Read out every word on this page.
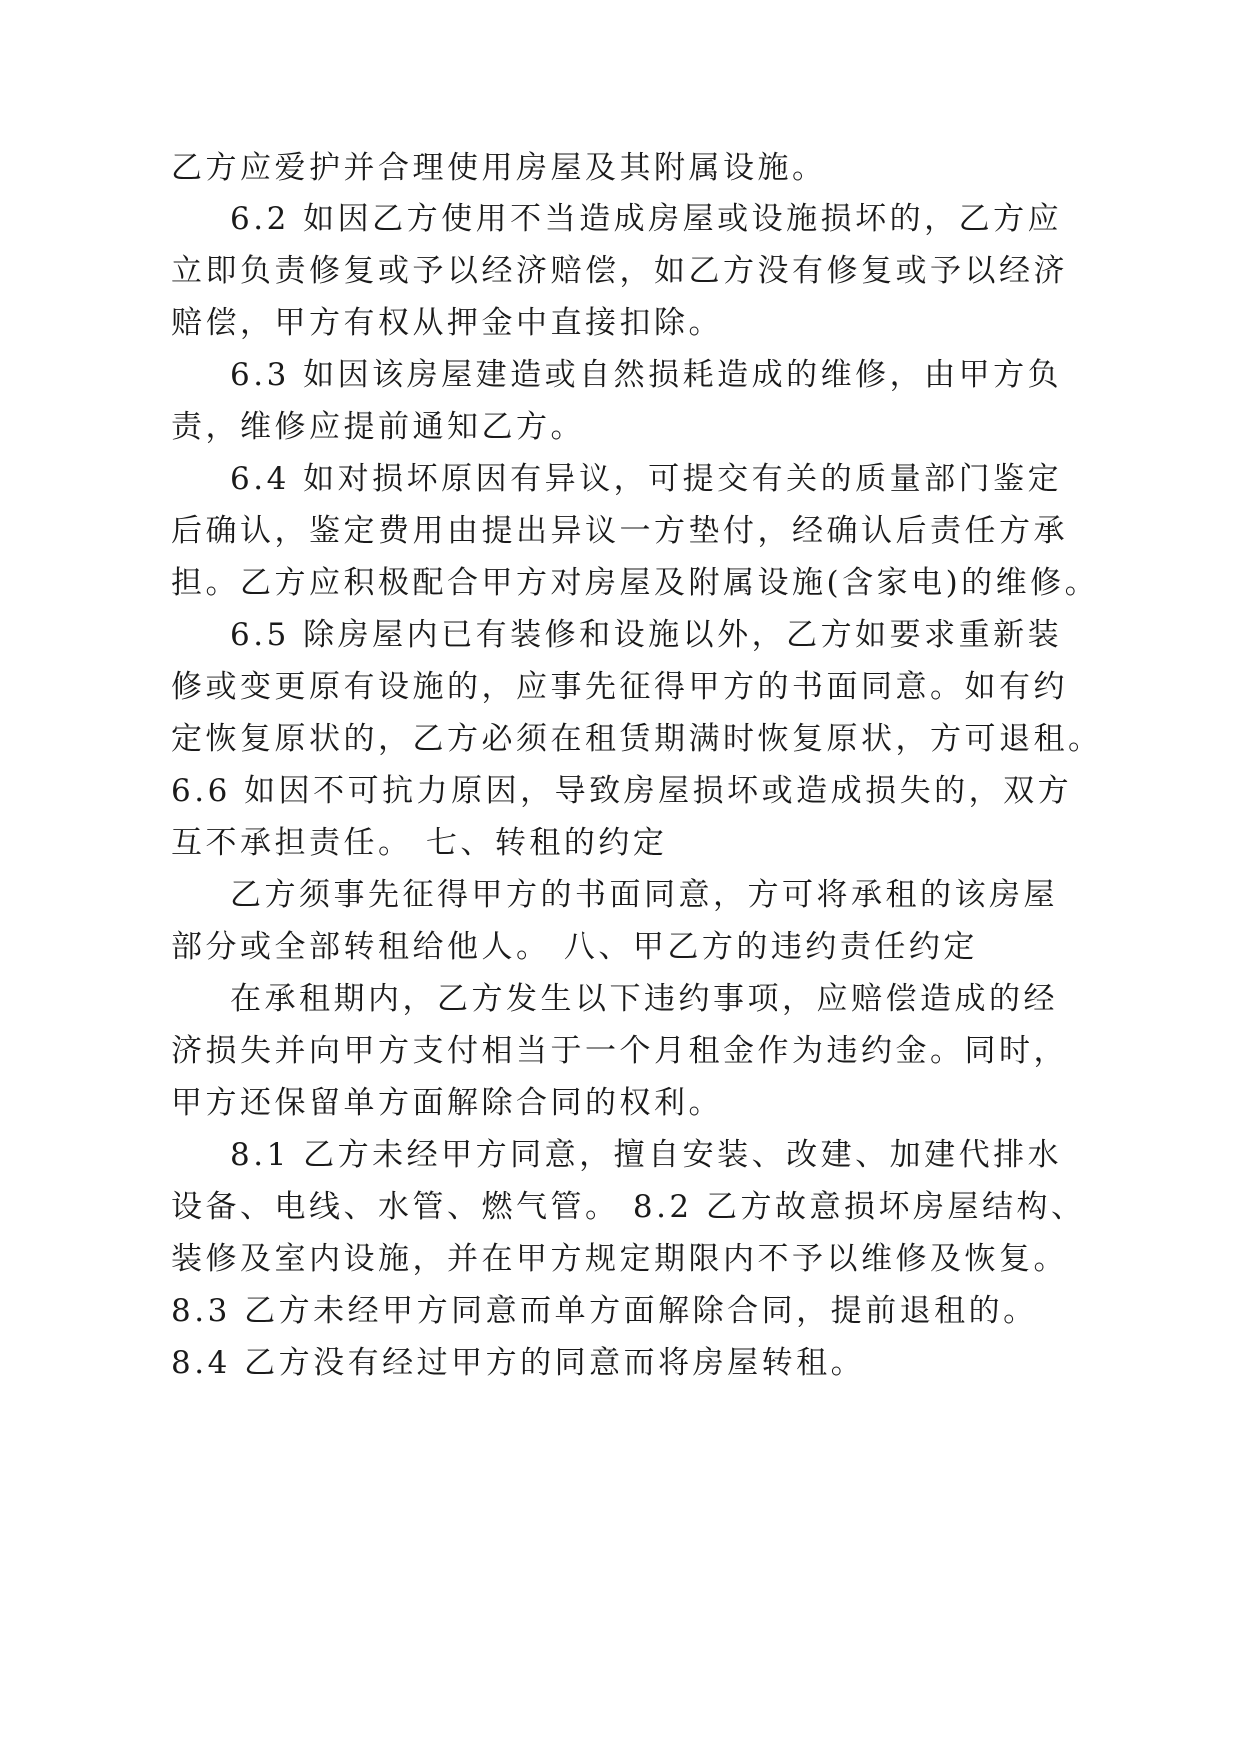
乙方应爱护并合理使用房屋及其附属设施。
6.2 如因乙方使用不当造成房屋或设施损坏的，乙方应
立即负责修复或予以经济赔偿，如乙方没有修复或予以经济
赔偿，甲方有权从押金中直接扣除。
6.3 如因该房屋建造或自然损耗造成的维修，由甲方负
责，维修应提前通知乙方。
6.4 如对损坏原因有异议，可提交有关的质量部门鉴定
后确认，鉴定费用由提出异议一方垫付，经确认后责任方承
担。乙方应积极配合甲方对房屋及附属设施(含家电)的维修。
6.5 除房屋内已有装修和设施以外，乙方如要求重新装
修或变更原有设施的，应事先征得甲方的书面同意。如有约
定恢复原状的，乙方必须在租赁期满时恢复原状，方可退租。
6.6 如因不可抗力原因，导致房屋损坏或造成损失的，双方
互不承担责任。 七、转租的约定
乙方须事先征得甲方的书面同意，方可将承租的该房屋
部分或全部转租给他人。 八、甲乙方的违约责任约定
在承租期内，乙方发生以下违约事项，应赔偿造成的经
济损失并向甲方支付相当于一个月租金作为违约金。同时，
甲方还保留单方面解除合同的权利。
8.1 乙方未经甲方同意，擅自安装、改建、加建代排水
设备、电线、水管、燃气管。 8.2 乙方故意损坏房屋结构、
装修及室内设施，并在甲方规定期限内不予以维修及恢复。
8.3 乙方未经甲方同意而单方面解除合同，提前退租的。
8.4 乙方没有经过甲方的同意而将房屋转租。
